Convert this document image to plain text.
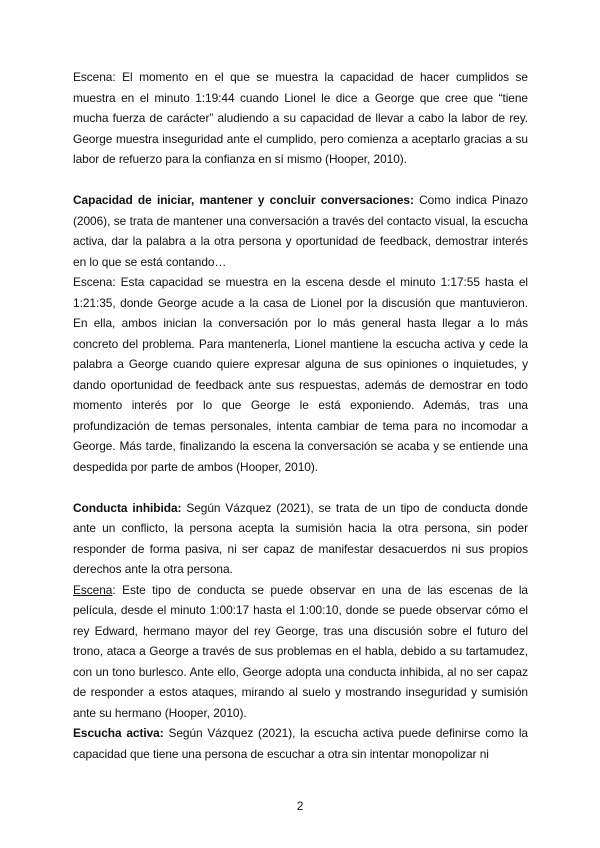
Escena: El momento en el que se muestra la capacidad de hacer cumplidos se muestra en el minuto 1:19:44 cuando Lionel le dice a George que cree que “tiene mucha fuerza de carácter” aludiendo a su capacidad de llevar a cabo la labor de rey. George muestra inseguridad ante el cumplido, pero comienza a aceptarlo gracias a su labor de refuerzo para la confianza en sí mismo (Hooper, 2010).

Capacidad de iniciar, mantener y concluir conversaciones: Como indica Pinazo (2006), se trata de mantener una conversación a través del contacto visual, la escucha activa, dar la palabra a la otra persona y oportunidad de feedback, demostrar interés en lo que se está contando…

Escena: Esta capacidad se muestra en la escena desde el minuto 1:17:55 hasta el 1:21:35, donde George acude a la casa de Lionel por la discusión que mantuvieron. En ella, ambos inician la conversación por lo más general hasta llegar a lo más concreto del problema. Para mantenerla, Lionel mantiene la escucha activa y cede la palabra a George cuando quiere expresar alguna de sus opiniones o inquietudes, y dando oportunidad de feedback ante sus respuestas, además de demostrar en todo momento interés por lo que George le está exponiendo. Además, tras una profundización de temas personales, intenta cambiar de tema para no incomodar a George. Más tarde, finalizando la escena la conversación se acaba y se entiende una despedida por parte de ambos (Hooper, 2010).

Conducta inhibida: Según Vázquez (2021), se trata de un tipo de conducta donde ante un conflicto, la persona acepta la sumisión hacia la otra persona, sin poder responder de forma pasiva, ni ser capaz de manifestar desacuerdos ni sus propios derechos ante la otra persona.

Escena: Este tipo de conducta se puede observar en una de las escenas de la película, desde el minuto 1:00:17 hasta el 1:00:10, donde se puede observar cómo el rey Edward, hermano mayor del rey George, tras una discusión sobre el futuro del trono, ataca a George a través de sus problemas en el habla, debido a su tartamudez, con un tono burlesco. Ante ello, George adopta una conducta inhibida, al no ser capaz de responder a estos ataques, mirando al suelo y mostrando inseguridad y sumisión ante su hermano (Hooper, 2010).

Escucha activa: Según Vázquez (2021), la escucha activa puede definirse como la capacidad que tiene una persona de escuchar a otra sin intentar monopolizar ni

2
